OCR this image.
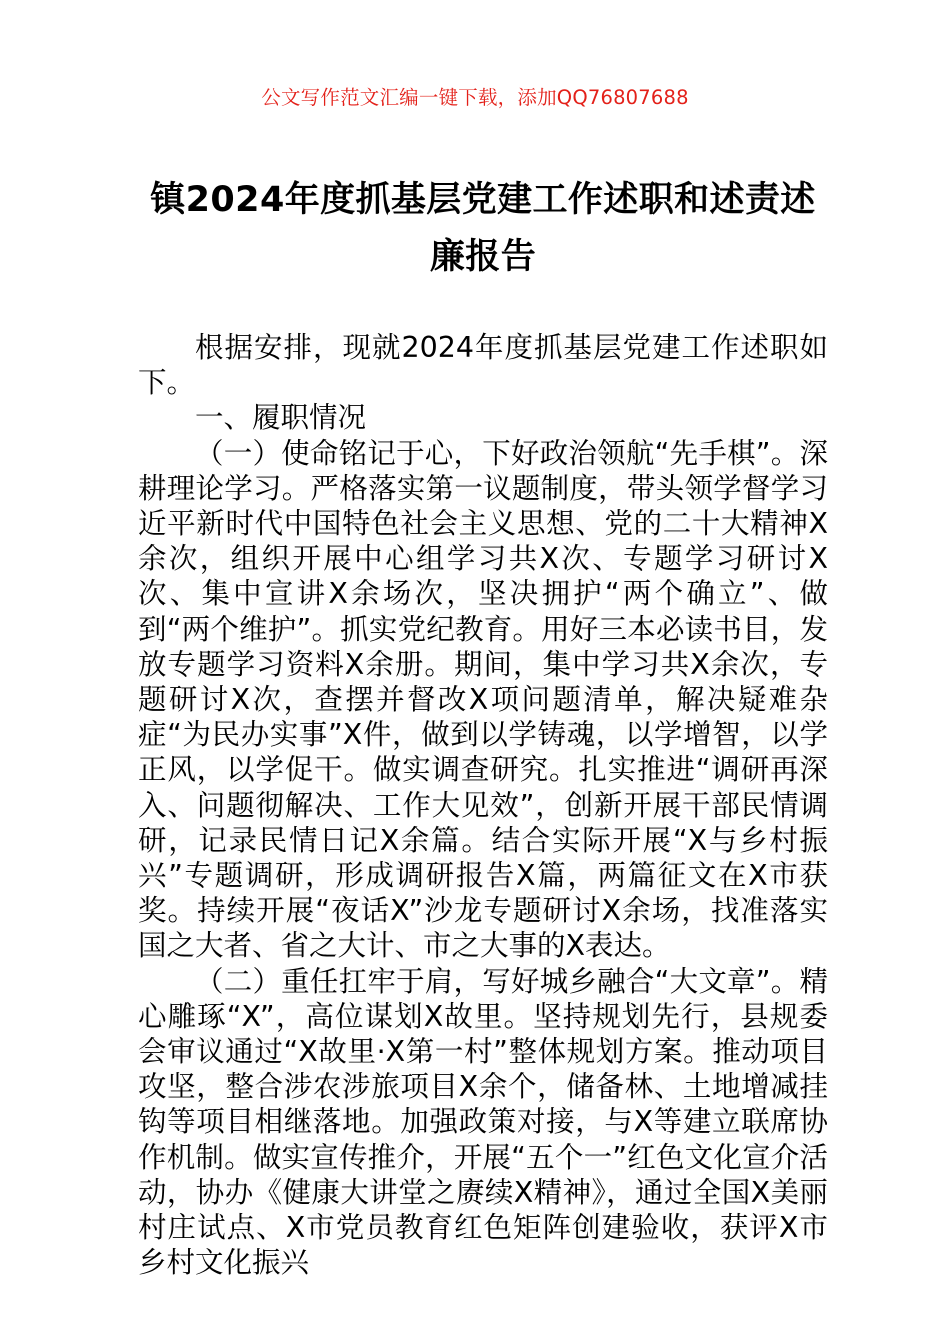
公文写作范文汇编一键下载，添加QQ76807688
镇2024年度抓基层党建工作述职和述责述廉报告

根据安排，现就2024年度抓基层党建工作述职如下。

一、履职情况

（一）使命铭记于心，下好政治领航“先手棋”。深耕理论学习。严格落实第一议题制度，带头领学督学习近平新时代中国特色社会主义思想、党的二十大精神X余次，组织开展中心组学习共X次、专题学习研讨X次、集中宣讲X余场次，坚决拥护“两个确立”、做到“两个维护”。抓实党纪教育。用好三本必读书目，发放专题学习资料X余册。期间，集中学习共X余次，专题研讨X次，查摆并督改X项问题清单，解决疑难杂症“为民办实事”X件，做到以学铸魂，以学增智，以学正风，以学促干。做实调查研究。扎实推进“调研再深入、问题彻解决、工作大见效”，创新开展干部民情调研，记录民情日记X余篇。结合实际开展“X与乡村振兴”专题调研，形成调研报告X篇，两篇征文在X市获奖。持续开展“夜话X”沙龙专题研讨X余场，找准落实国之大者、省之大计、市之大事的X表达。

（二）重任扛牢于肩，写好城乡融合“大文章”。精心雕琢“X”，高位谋划X故里。坚持规划先行，县规委会审议通过“X故里·X第一村”整体规划方案。推动项目攻坚，整合涉农涉旅项目X余个，储备林、土地增减挂钩等项目相继落地。加强政策对接，与X等建立联席协作机制。做实宣传推介，开展“五个一”红色文化宣介活动，协办《健康大讲堂之赓续X精神》，通过全国X美丽村庄试点、X市党员教育红色矩阵创建验收，获评X市乡村文化振兴
